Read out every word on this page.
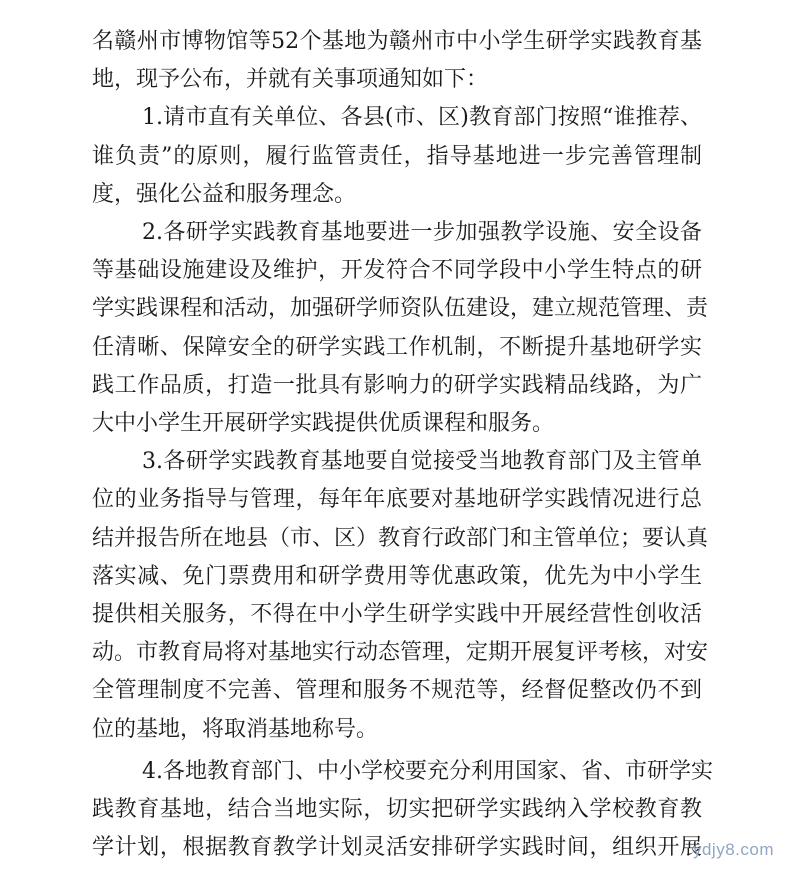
名赣州市博物馆等52个基地为赣州市中小学生研学实践教育基
地，现予公布，并就有关事项通知如下：
1.请市直有关单位、各县(市、区)教育部门按照“谁推荐、
谁负责”的原则，履行监管责任，指导基地进一步完善管理制
度，强化公益和服务理念。
2.各研学实践教育基地要进一步加强教学设施、安全设备
等基础设施建设及维护，开发符合不同学段中小学生特点的研
学实践课程和活动，加强研学师资队伍建设，建立规范管理、责
任清晰、保障安全的研学实践工作机制，不断提升基地研学实
践工作品质，打造一批具有影响力的研学实践精品线路，为广
大中小学生开展研学实践提供优质课程和服务。
3.各研学实践教育基地要自觉接受当地教育部门及主管单
位的业务指导与管理，每年年底要对基地研学实践情况进行总
结并报告所在地县（市、区）教育行政部门和主管单位；要认真
落实减、免门票费用和研学费用等优惠政策，优先为中小学生
提供相关服务，不得在中小学生研学实践中开展经营性创收活
动。市教育局将对基地实行动态管理，定期开展复评考核，对安
全管理制度不完善、管理和服务不规范等，经督促整改仍不到
位的基地，将取消基地称号。
4.各地教育部门、中小学校要充分利用国家、省、市研学实
践教育基地，结合当地实际，切实把研学实践纳入学校教育教
学计划，根据教育教学计划灵活安排研学实践时间，组织开展
ydjy8.com
